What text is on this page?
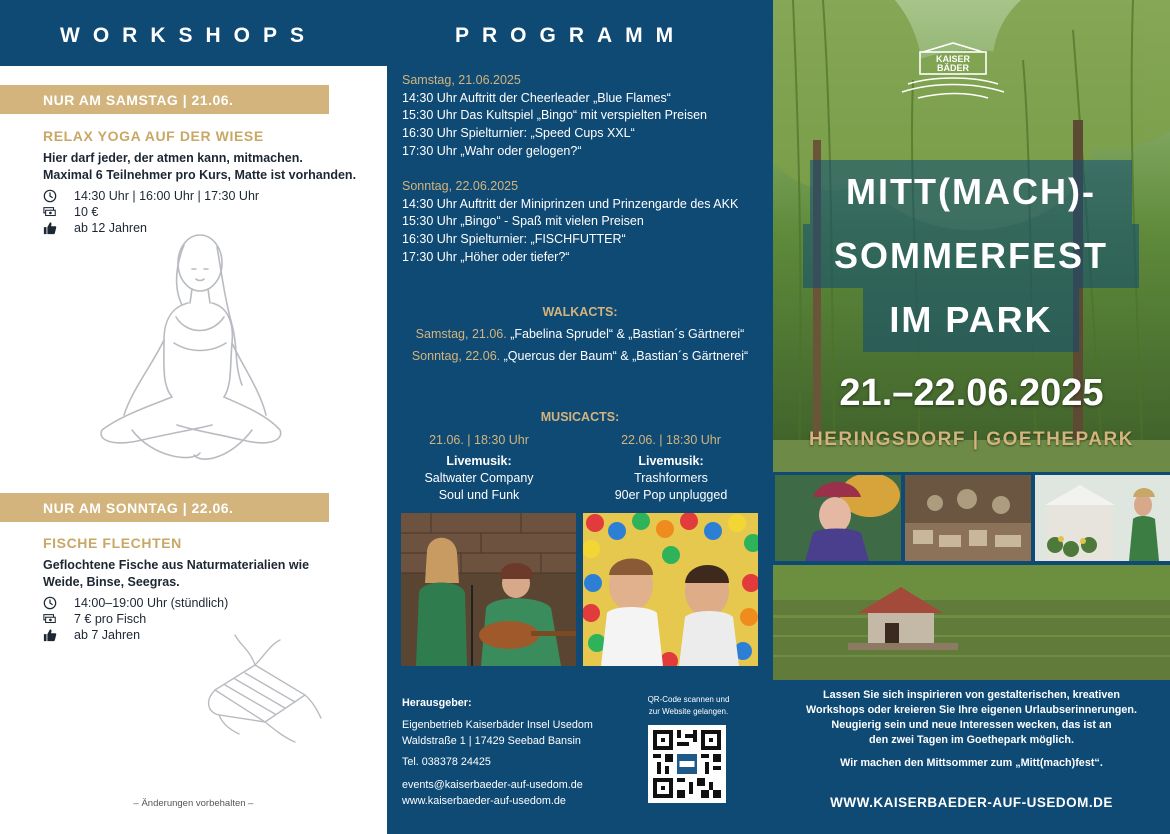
WORKSHOPS
NUR AM SAMSTAG | 21.06.
RELAX YOGA AUF DER WIESE
Hier darf jeder, der atmen kann, mitmachen.
Maximal 6 Teilnehmer pro Kurs, Matte ist vorhanden.
14:30 Uhr | 16:00 Uhr | 17:30 Uhr
10 €
ab 12 Jahren
NUR AM SONNTAG | 22.06.
FISCHE FLECHTEN
Geflochtene Fische aus Naturmaterialien wie
Weide, Binse, Seegras.
14:00–19:00 Uhr (stündlich)
7 € pro Fisch
ab 7 Jahren
– Änderungen vorbehalten –
PROGRAMM
Samstag, 21.06.2025
14:30 Uhr Auftritt der Cheerleader „Blue Flames“
15:30 Uhr Das Kultspiel „Bingo“ mit verspielten Preisen
16:30 Uhr Spielturnier: „Speed Cups XXL“
17:30 Uhr „Wahr oder gelogen?“
Sonntag, 22.06.2025
14:30 Uhr Auftritt der Miniprinzen und Prinzengarde des AKK
15:30 Uhr „Bingo“ - Spaß mit vielen Preisen
16:30 Uhr Spielturnier: „FISCHFUTTER“
17:30 Uhr „Höher oder tiefer?“
WALKACTS:
Samstag, 21.06. „Fabelina Sprudel“ & „Bastian´s Gärtnerei“
Sonntag, 22.06. „Quercus der Baum“ & „Bastian´s Gärtnerei“
MUSICACTS:
21.06. | 18:30 Uhr
Livemusik:
Saltwater Company
Soul und Funk
22.06. | 18:30 Uhr
Livemusik:
Trashformers
90er Pop unplugged
Herausgeber:
Eigenbetrieb Kaiserbäder Insel Usedom
Waldstraße 1 | 17429 Seebad Bansin
Tel. 038378 24425
events@kaiserbaeder-auf-usedom.de
www.kaiserbaeder-auf-usedom.de
QR-Code scannen und
zur Website gelangen.
KAISER
BÄDER
MITT(MACH)-
SOMMERFEST
IM PARK
21.–22.06.2025
HERINGSDORF | GOETHEPARK
Lassen Sie sich inspirieren von gestalterischen, kreativen
Workshops oder kreieren Sie Ihre eigenen Urlaubserinnerungen.
Neugierig sein und neue Interessen wecken, das ist an
den zwei Tagen im Goethepark möglich.
Wir machen den Mittsommer zum „Mitt(mach)fest“.
WWW.KAISERBAEDER-AUF-USEDOM.DE
